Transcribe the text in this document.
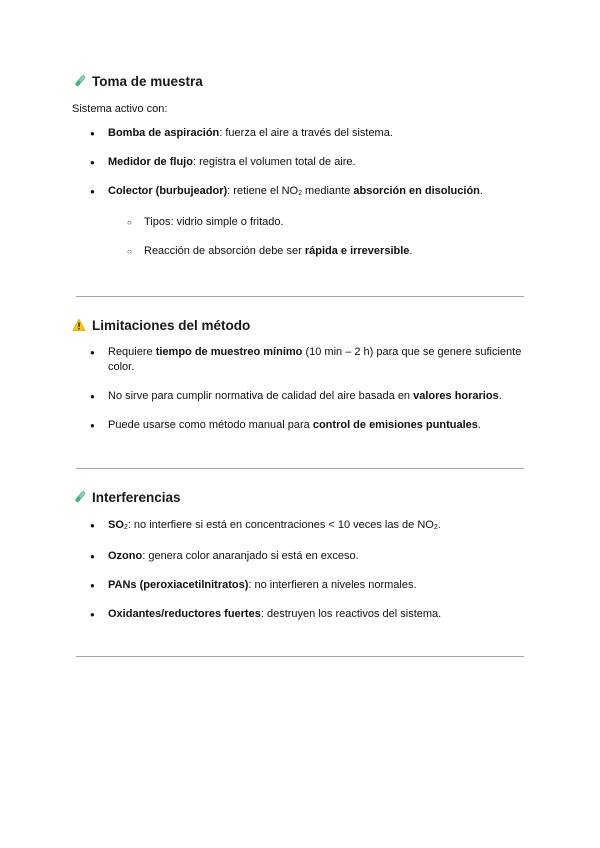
Toma de muestra

Sistema activo con:

● Bomba de aspiración: fuerza el aire a través del sistema.
● Medidor de flujo: registra el volumen total de aire.
● Colector (burbujeador): retiene el $NO_2$ mediante absorción en disolución.
○ Tipos: vidrio simple o fritado.
○ Reacción de absorción debe ser rápida e irreversible.
Limitaciones del método
● Requiere tiempo de muestreo mínimo (10 min – 2 h) para que se genere suficiente color.
● No sirve para cumplir normativa de calidad del aire basada en valores horarios.
● Puede usarse como método manual para control de emisiones puntuales.
Interferencias
● $SO_2$: no interfiere si está en concentraciones < 10 veces las de $NO_2$.
● Ozono: genera color anaranjado si está en exceso.
● PANs (peroxiacetilnitratos): no interfieren a niveles normales.
● Oxidantes/reductores fuertes: destruyen los reactivos del sistema.
